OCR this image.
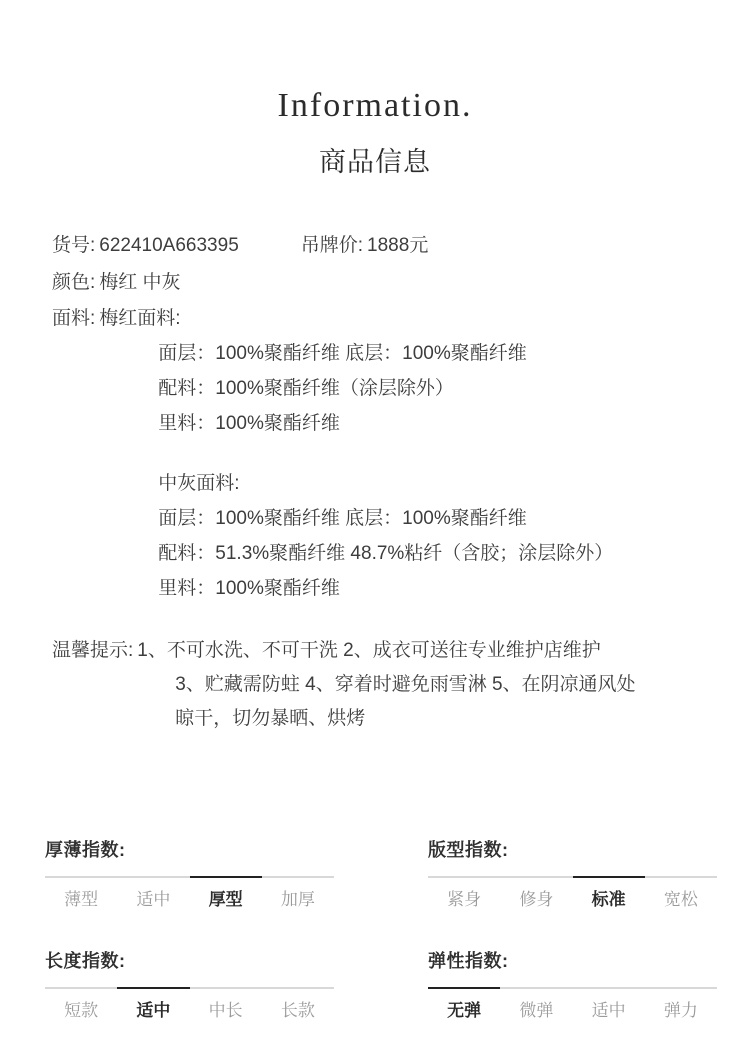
Information.
商品信息
货号: 622410A663395	吊牌价: 1888元
颜色: 梅红 中灰
面料: 梅红面料:
面层：100%聚酯纤维 底层：100%聚酯纤维
配料：100%聚酯纤维（涂层除外）
里料：100%聚酯纤维
中灰面料:
面层：100%聚酯纤维 底层：100%聚酯纤维
配料：51.3%聚酯纤维 48.7%粘纤（含胶；涂层除外）
里料：100%聚酯纤维
温馨提示: 1、不可水洗、不可干洗 2、成衣可送往专业维护店维护
3、贮藏需防蛀 4、穿着时避免雨雪淋 5、在阴凉通风处
晾干，切勿暴晒、烘烤
厚薄指数:
薄型	适中	厚型	加厚
版型指数:
紧身	修身	标准	宽松
长度指数:
短款	适中	中长	长款
弹性指数:
无弹	微弹	适中	弹力
